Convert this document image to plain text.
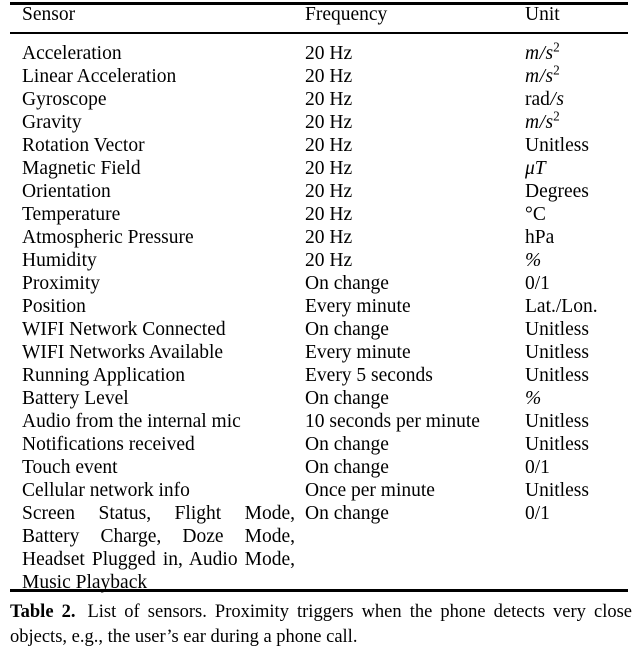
Sensor	Frequency	Unit
Acceleration	20 Hz	$m/s^2$
Linear Acceleration	20 Hz	$m/s^2$
Gyroscope	20 Hz	rad/s
Gravity	20 Hz	$m/s^2$
Rotation Vector	20 Hz	Unitless
Magnetic Field	20 Hz	μT
Orientation	20 Hz	Degrees
Temperature	20 Hz	°C
Atmospheric Pressure	20 Hz	hPa
Humidity	20 Hz	%
Proximity	On change	0/1
Position	Every minute	Lat./Lon.
WIFI Network Connected	On change	Unitless
WIFI Networks Available	Every minute	Unitless
Running Application	Every 5 seconds	Unitless
Battery Level	On change	%
Audio from the internal mic	10 seconds per minute	Unitless
Notifications received	On change	Unitless
Touch event	On change	0/1
Cellular network info	Once per minute	Unitless

Screen Status, Flight Mode, Battery Charge, Doze Mode, Headset Plugged in, Audio Mode, Music Playback	On change	0/1
Table 2. List of sensors. Proximity triggers when the phone detects very close objects, e.g., the user’s ear during a phone call.
